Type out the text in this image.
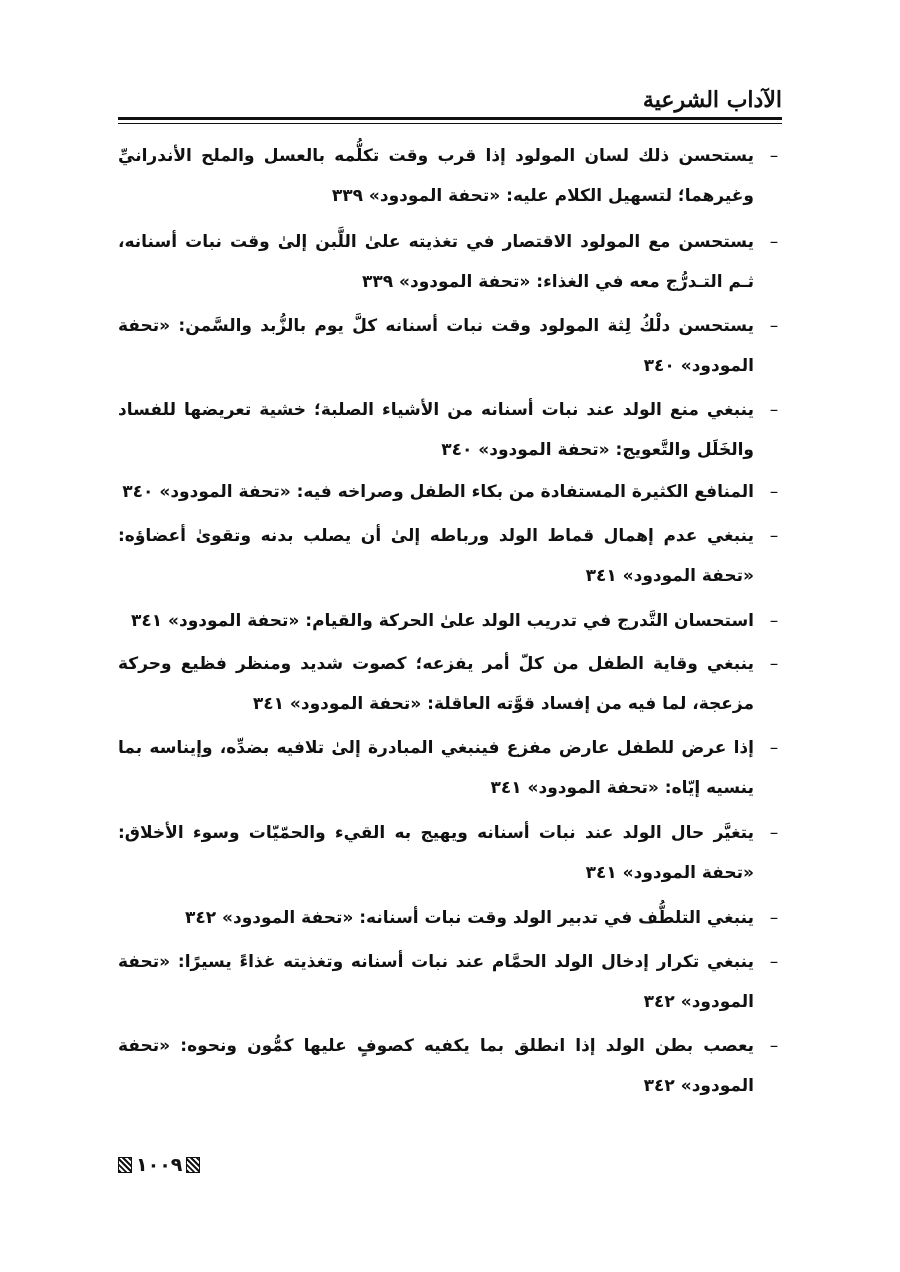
الآداب الشرعية
–
يستحسن ذلك لسان المولود إذا قرب وقت تكلُّمه بالعسل والملح الأندرانيِّ وغيرهما؛ لتسهيل الكلام عليه: «تحفة المودود» ٣٣٩
–
يستحسن مع المولود الاقتصار في تغذيته علىٰ اللَّبن إلىٰ وقت نبات أسنانه، ثـم التـدرُّج معه في الغذاء: «تحفة المودود» ٣٣٩
–
يستحسن دلْكُ لِثة المولود وقت نبات أسنانه كلَّ يوم بالزُّبد والسَّمن: «تحفة المودود» ٣٤٠
–
ينبغي منع الولد عند نبات أسنانه من الأشياء الصلبة؛ خشية تعريضها للفساد والخَلَل والتَّعويج: «تحفة المودود» ٣٤٠
–
المنافع الكثيرة المستفادة من بكاء الطفل وصراخه فيه: «تحفة المودود» ٣٤٠
–
ينبغي عدم إهمال قماط الولد ورباطه إلىٰ أن يصلب بدنه وتقوىٰ أعضاؤه: «تحفة المودود» ٣٤١
–
استحسان التَّدرج في تدريب الولد علىٰ الحركة والقيام: «تحفة المودود» ٣٤١
–
ينبغي وقاية الطفل من كلّ أمر يفزعه؛ كصوت شديد ومنظر فظيع وحركة مزعجة، لما فيه من إفساد قوَّته العاقلة: «تحفة المودود» ٣٤١
–
إذا عرض للطفل عارض مفزع فينبغي المبادرة إلىٰ تلافيه بضدِّه، وإيناسه بما ينسيه إيّاه: «تحفة المودود» ٣٤١
–
يتغيَّر حال الولد عند نبات أسنانه ويهيج به القيء والحمّيّات وسوء الأخلاق: «تحفة المودود» ٣٤١
–
ينبغي التلطُّف في تدبير الولد وقت نبات أسنانه: «تحفة المودود» ٣٤٢
–
ينبغي تكرار إدخال الولد الحمَّام عند نبات أسنانه وتغذيته غذاءً يسيرًا: «تحفة المودود» ٣٤٢
–
يعصب بطن الولد إذا انطلق بما يكفيه كصوفٍ عليها كمُّون ونحوه: «تحفة المودود» ٣٤٢
١٠٠٩
